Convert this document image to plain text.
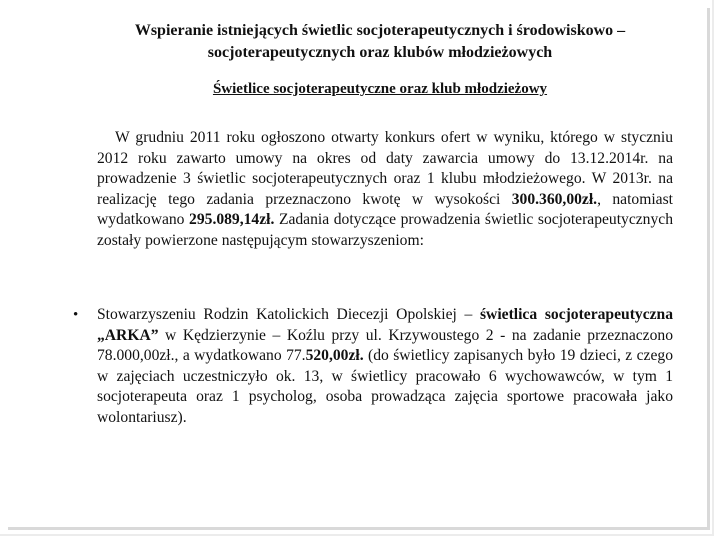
Wspieranie istniejących świetlic socjoterapeutycznych i środowiskowo – socjoterapeutycznych oraz klubów młodzieżowych
Świetlice socjoterapeutyczne oraz klub młodzieżowy
W grudniu 2011 roku ogłoszono otwarty konkurs ofert w wyniku, którego w styczniu 2012 roku zawarto umowy na okres od daty zawarcia umowy do 13.12.2014r. na prowadzenie 3 świetlic socjoterapeutycznych oraz 1 klubu młodzieżowego. W 2013r. na realizację tego zadania przeznaczono kwotę w wysokości 300.360,00zł., natomiast wydatkowano 295.089,14zł. Zadania dotyczące prowadzenia świetlic socjoterapeutycznych zostały powierzone następującym stowarzyszeniom:
• Stowarzyszeniu Rodzin Katolickich Diecezji Opolskiej – świetlica socjoterapeutyczna „ARKA” w Kędzierzynie – Koźlu przy ul. Krzywoustego 2 - na zadanie przeznaczono 78.000,00zł., a wydatkowano 77.520,00zł. (do świetlicy zapisanych było 19 dzieci, z czego w zajęciach uczestniczyło ok. 13, w świetlicy pracowało 6 wychowawców, w tym 1 socjoterapeuta oraz 1 psycholog, osoba prowadząca zajęcia sportowe pracowała jako wolontariusz).
